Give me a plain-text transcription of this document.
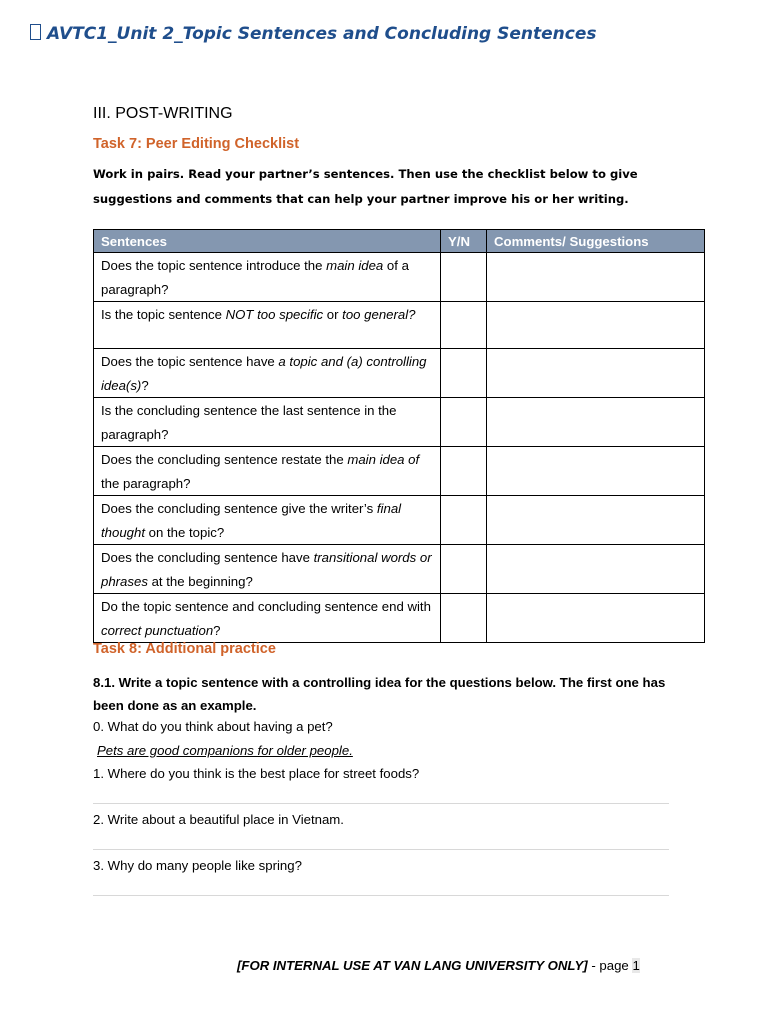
AVTC1_Unit 2_Topic Sentences and Concluding Sentences
III. POST-WRITING
Task 7: Peer Editing Checklist
Work in pairs. Read your partner’s sentences. Then use the checklist below to give suggestions and comments that can help your partner improve his or her writing.
Sentences	Y/N	Comments/ Suggestions
Does the topic sentence introduce the main idea of a paragraph?		
Is the topic sentence NOT too specific or too general?		
Does the topic sentence have a topic and (a) controlling idea(s)?		
Is the concluding sentence the last sentence in the paragraph?		
Does the concluding sentence restate the main idea of the paragraph?		
Does the concluding sentence give the writer’s final thought on the topic?		
Does the concluding sentence have transitional words or phrases at the beginning?		
Do the topic sentence and concluding sentence end with correct punctuation?		
Task 8: Additional practice
8.1. Write a topic sentence with a controlling idea for the questions below. The first one has been done as an example.
0. What do you think about having a pet?
Pets are good companions for older people.
1. Where do you think is the best place for street foods?
2. Write about a beautiful place in Vietnam.
3. Why do many people like spring?
[FOR INTERNAL USE AT VAN LANG UNIVERSITY ONLY] - page 1
